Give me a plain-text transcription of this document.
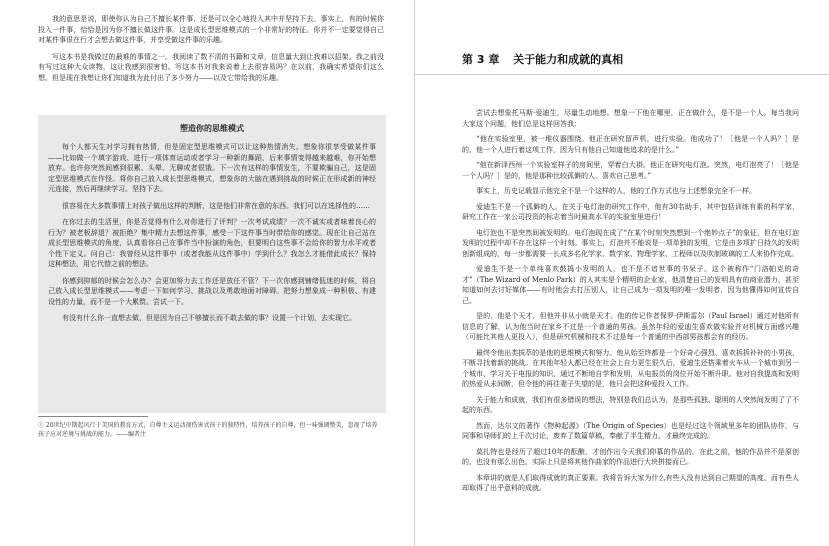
我的意思是说，即使你认为自己不擅长某件事，还是可以全心地投入其中并坚持下去。事实上，有的时候你投入一件事，恰恰是因为你不擅长做这件事。这是成长型思维模式的一个非常好的特征。你并不一定要觉得自己对某件事很在行才会想去做这件事，并享受做这件事的乐趣。

写这本书是我做过的最难的事情之一。我阅读了数不清的书籍和文章，信息量大到让我难以招架。我之前没有写过这种大众读物，这让我感到很害怕。写这本书对我来说着上去很容易吗？在以前，我确实希望你们这么想。但是现在我想让你们知道我为此付出了多少努力——以及它带给我的乐趣。

塑造你的思维模式

每个人都天生对学习拥有热情，但是固定型思维模式可以让这种热情消失。想象你很享受做某件事——比如做一个填字游戏、进行一项体育运动或者学习一种新的舞蹈，后来事情变得越来越难，你开始想放弃。也许你突然间感到很累、头晕、无聊或者很饿。下一次有这样的事情发生，不要欺骗自己，这是固定型思维模式在作怪。将你自己放入成长型思维模式，想象你的大脑在遇到挑战的时候正在形成新的神经元连接，然后再继续学习。坚持下去。

很容易在大多数事情上对孩子做出这样的判断，这是他们非常在意的东西。我们可以在选择性的……

在你过去的生活里，你是否觉得有什么对你进行了评判？一次考试成绩？一次不诚实或者味着良心的行为？被老板辞退？被拒绝？集中精力去想这件事，感受一下这件事当时带给你的感觉。现在让自己站在成长型思维模式的角度，认真看你自己在事件当中扮演的角色，但要明白这些事不会给你的智力水平或者个性下定义。问自己：我曾经从这件事中（或者我能从这件事中）学到什么？我怎么才能借此成长？保持这种想法，用它代替之前的想法。

你感到抑郁的时候会怎么办？会更加努力去工作还是放任不管？下一次你感到铺绪低迷的时候，将自己放入成长型思维模式——考虑一下如何学习、挑战以及勇敢地面对障碍。把努力想象成一种积极、有建设性的力量，而不是一个大累赘。尝试一下。

有没有什么你一直想去做，但是因为自己不够擅长而不敢去做的事？设置一个计划，去实现它。

① 20世纪中期起风行于美国的教育方式，自尊主义运动视伤害式孩子的独特性，培养孩子的自尊，但一味强调赞美，忽视了培养孩子应对逆境与挑战的能力。——编者注
第 3 章 关于能力和成就的真相

尝试去想象托马斯·爱迪生，尽量生动地想。想象一下他在哪里，正在做什么，是不是一个人。每当我问大家这个问题，他们总是这样回答我：

“他在实验室里，被一堆仪器围绕。他正在研究留声机，进行实验。他成功了！［他是一个人吗？］是的，他一个人进行着这项工作，因为只有他自己知道他追求的是什么。”

“他在新泽西州一个实验室样子的房间里，穿着白大褂。他正在研究电灯泡。突然，电灯泡亮了！［他是一个人吗？］是的，他是那种比较孤僻的人，喜欢自己思考。”

事实上，历史记载显示他完全不是一个这样的人，他的工作方式也与上述想象完全不一样。

爱迪生不是一个孤僻的人。在关于电灯泡的研究工作中，他有30名助手，其中包括训练有素的科学家，研究工作在一家公司投资的标志着当时最高水平的实验室里进行！

电灯泡也不是突然间被发明的。电灯泡现在成了“在某个时刻突然想到一个绝妙点子”的象征，但在电灯泡发明的过程中却不存在这样一个时刻。事实上，灯泡并不能说是一项单独的发明，它是由多项扩日持久的发明创新组成的，每一步都需要一长成多名化学家、数学家、物理学家、工程师以及吹制玻璃的工人来协作完成。

爱迪生不是一个单纯喜欢鼓捣小发明的人，也不是不谙世事的书呆子。这个被称作“门洛帕克的奇才”（The Wizard of Menlo Park）的人其实是个精明的企业家，他清楚自己的发明具有的商业潜力，甚至知道如何去讨好媒体——有时他会去打压别人，让自己成为一项发明的唯一发明者，因为他懂得如何宣传自己。

是的，他是个天才，但他并非从小就是天才。他的传记作者保罗·伊斯雷尔（Paul Israel）通过对他所有信息的了解，认为他当时在家乡不过是一个普通的男孩。虽然年轻的爱迪生喜欢做实验并对机械方面感兴趣（可能比其他人更投入），但是研究机械和技术不过是每一个普通的中西部男孩都会有的经历。

最终令他出类拔萃的是他的思维模式和努力。他从始至终都是一个好奇心强烈、喜欢拆拆补补的小男孩，不断寻找着新的挑战。在其他年轻人都已经在社会上自力更生很久后，爱迪生还搭乘着火车从一个城市到另一个城市，学习关于电报的知识，通过不断地自学和发明，从电报员的岗位开始不断升职。他对自我提高和发明的热爱从未间断，但令他的再往妻子失望的是，他只会把这种爱投入工作。

关于能力和成就，我们有很多错误的想法，特别是我们总认为，是那些孤独、聪明的人突然间发明了了不起的东西。

然而，达尔文的著作《物种起源》（The Origin of Species）也是经过这个领域里多年的团队协作，与同事和导师们的上千次讨论，废弃了数篇草稿，奉献了半生精力，才最终完成的。

莫扎特也是经历了超过10年的酝酿，才创作出今天我们仰慕的作品的。在此之前，他的作品并不是原创的，也没有那么出色，实际上只是将其他作曲家的作品进行大块拼接而已。

本章讲的就是人们取得成就的真正要素。我将告诉大家为什么有些人没有达到自己期望的高度，而有些人却取得了出乎意料的成就。
